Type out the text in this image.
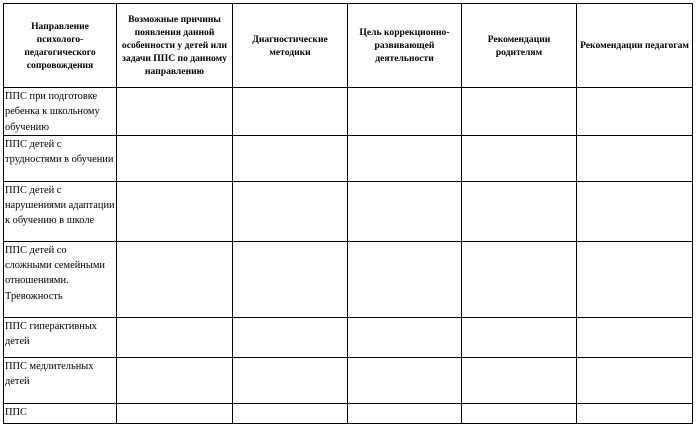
Направление психолого-педагогического сопровождения	Возможные причины появления данной особенности у детей или задачи ППС по данному направлению	Диагностические методики	Цель коррекционно-развивающей деятельности	Рекомендации родителям	Рекомендации педагогам

ППС при подготовке ребенка к школьному обучению					

ППС детей с трудностями в обучении					

ППС детей с нарушениями адаптации к обучению в школе					

ППС детей со сложными семейными отношениями. Тревожность					

ППС гиперактивных детей					

ППС медлительных детей					

ППС					
